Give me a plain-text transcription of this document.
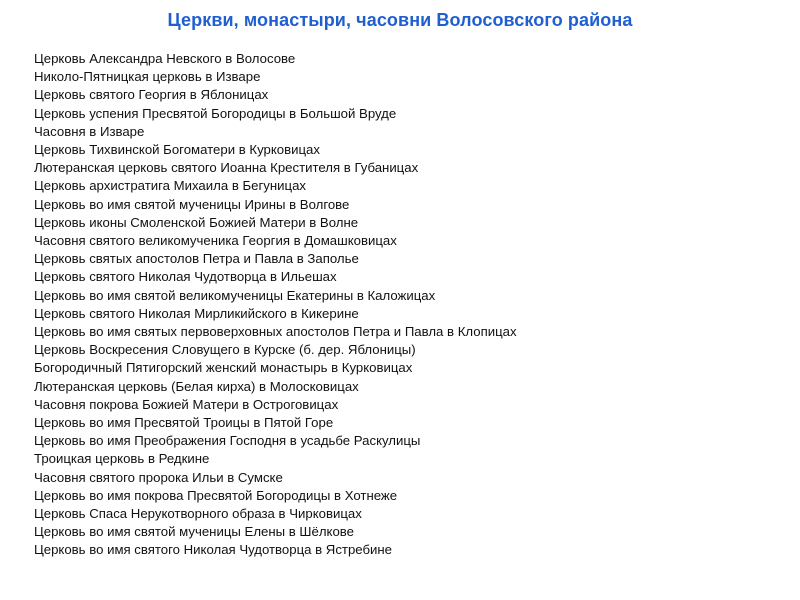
Церкви, монастыри, часовни Волосовского района
Церковь Александра Невского в Волосове
Николо-Пятницкая церковь в Изваре
Церковь святого Георгия в Яблоницах
Церковь успения Пресвятой Богородицы в Большой Вруде
Часовня в Изваре
Церковь Тихвинской Богоматери в Курковицах
Лютеранская церковь святого Иоанна Крестителя в Губаницах
Церковь архистратига Михаила в Бегуницах
Церковь во имя святой мученицы Ирины в Волгове
Церковь иконы Смоленской Божией Матери в Волне
Часовня святого великомученика Георгия в Домашковицах
Церковь святых апостолов Петра и Павла в Заполье
Церковь святого Николая Чудотворца в Ильешах
Церковь во имя святой великомученицы Екатерины в Каложицах
Церковь святого Николая Мирликийского в Кикерине
Церковь во имя святых первоверховных апостолов Петра и Павла в Клопицах
Церковь Воскресения Словущего в Курске (б. дер. Яблоницы)
Богородичный Пятигорский женский монастырь в Курковицах
Лютеранская церковь (Белая кирха) в Молосковицах
Часовня покрова Божией Матери в Остроговицах
Церковь во имя Пресвятой Троицы в Пятой Горе
Церковь во имя Преображения Господня в усадьбе Раскулицы
Троицкая церковь в Редкине
Часовня святого пророка Ильи в Сумске
Церковь во имя покрова Пресвятой Богородицы в Хотнеже
Церковь Спаса Нерукотворного образа в Чирковицах
Церковь во имя святой мученицы Елены в Шёлкове
Церковь во имя святого Николая Чудотворца в Ястребине
